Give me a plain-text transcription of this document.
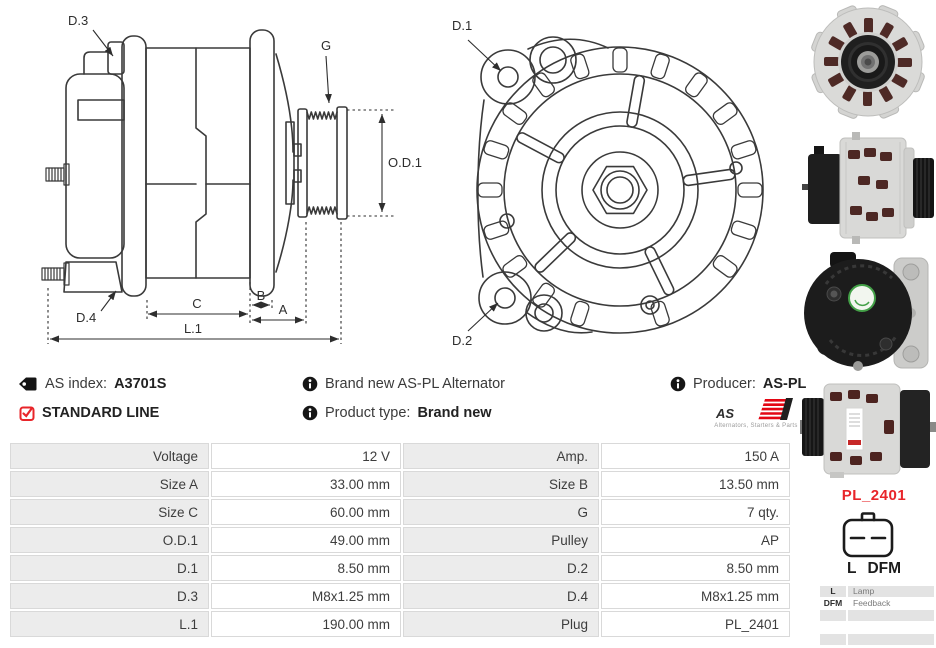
D.3
G
O.D.1
C
B
A
L.1
D.4
D.1
D.2
AS index: A3701S
STANDARD LINE
Brand new AS-PL Alternator
Product type: Brand new
Producer: AS-PL
AS
Alternators, Starters & Parts
Voltage	12 V	Amp.	150 A
Size A	33.00 mm	Size B	13.50 mm
Size C	60.00 mm	G	7 qty.
O.D.1	49.00 mm	Pulley	AP
D.1	8.50 mm	D.2	8.50 mm
D.3	M8x1.25 mm	D.4	M8x1.25 mm
L.1	190.00 mm	Plug	PL_2401
PL_2401
L DFM
L	Lamp
DFM	Feedback
